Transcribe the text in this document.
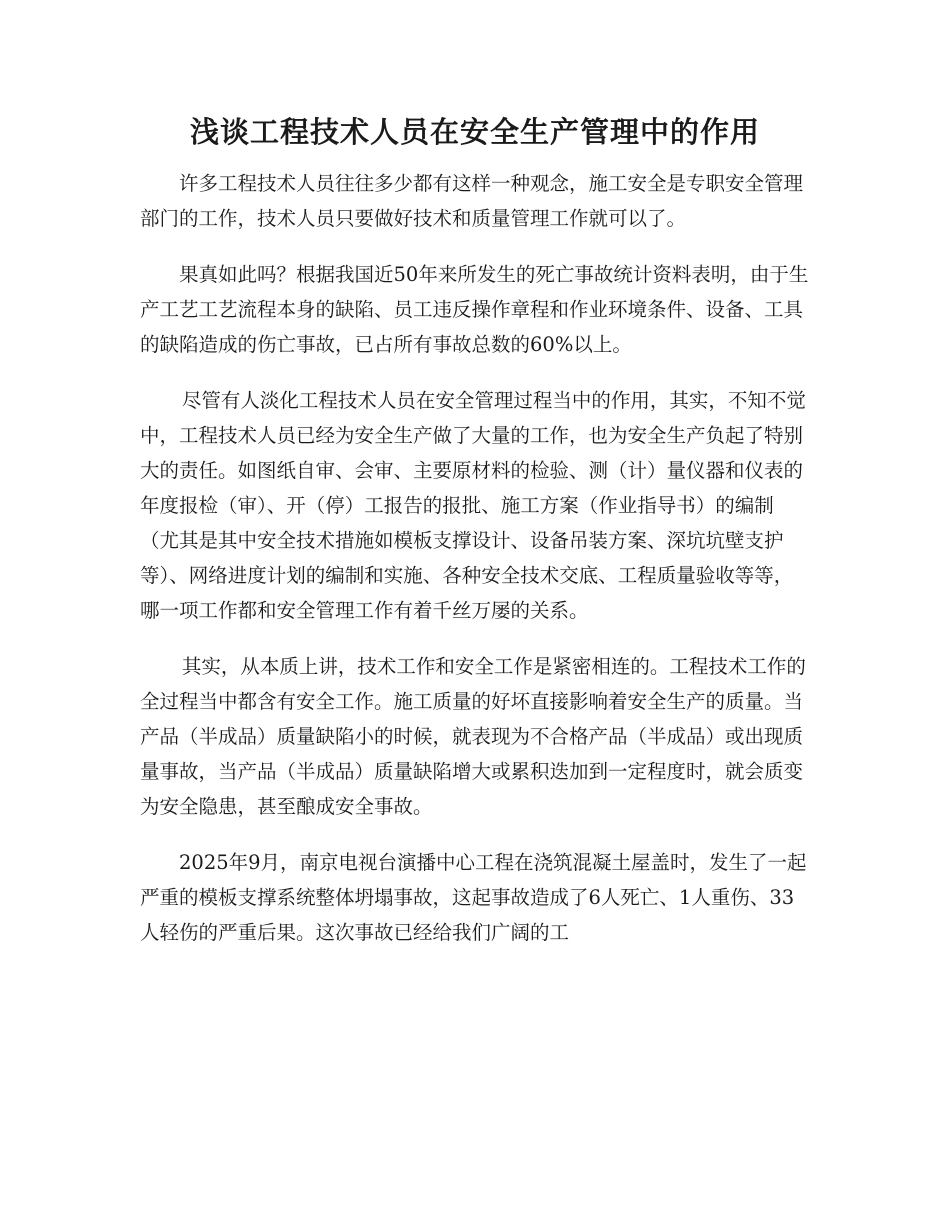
浅谈工程技术人员在安全生产管理中的作用

许多工程技术人员往往多少都有这样一种观念，施工安全是专职安全管理部门的工作，技术人员只要做好技术和质量管理工作就可以了。

果真如此吗？根据我国近50年来所发生的死亡事故统计资料表明，由于生产工艺工艺流程本身的缺陷、员工违反操作章程和作业环境条件、设备、工具的缺陷造成的伤亡事故，已占所有事故总数的60%以上。

尽管有人淡化工程技术人员在安全管理过程当中的作用，其实，不知不觉中，工程技术人员已经为安全生产做了大量的工作，也为安全生产负起了特别大的责任。如图纸自审、会审、主要原材料的检验、测（计）量仪器和仪表的年度报检（审）、开（停）工报告的报批、施工方案（作业指导书）的编制（尤其是其中安全技术措施如模板支撑设计、设备吊装方案、深坑坑壁支护等）、网络进度计划的编制和实施、各种安全技术交底、工程质量验收等等，哪一项工作都和安全管理工作有着千丝万屡的关系。

其实，从本质上讲，技术工作和安全工作是紧密相连的。工程技术工作的全过程当中都含有安全工作。施工质量的好坏直接影响着安全生产的质量。当产品（半成品）质量缺陷小的时候，就表现为不合格产品（半成品）或出现质量事故，当产品（半成品）质量缺陷增大或累积迭加到一定程度时，就会质变为安全隐患，甚至酿成安全事故。

2025年9月，南京电视台演播中心工程在浇筑混凝土屋盖时，发生了一起严重的模板支撑系统整体坍塌事故，这起事故造成了6人死亡、1人重伤、33人轻伤的严重后果。这次事故已经给我们广阔的工
